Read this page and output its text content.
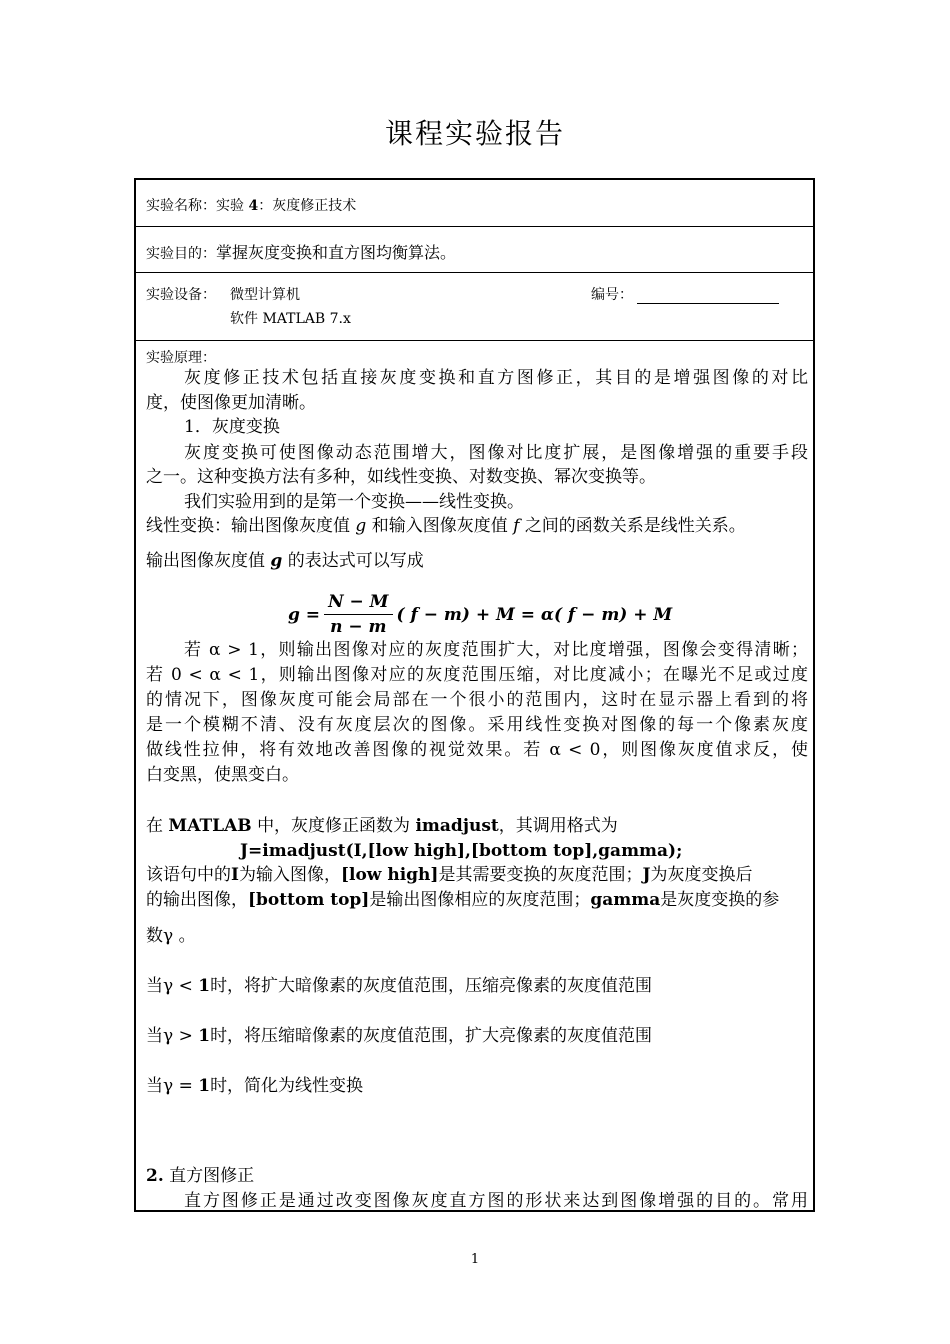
课程实验报告
实验名称：实验 4：灰度修正技术
实验目的：掌握灰度变换和直方图均衡算法。
实验设备： 微型计算机
软件 MATLAB 7.x
编号：
实验原理：
灰度修正技术包括直接灰度变换和直方图修正，其目的是增强图像的对比
度，使图像更加清晰。
1．灰度变换
灰度变换可使图像动态范围增大，图像对比度扩展，是图像增强的重要手段
之一。这种变换方法有多种，如线性变换、对数变换、幂次变换等。
我们实验用到的是第一个变换——线性变换。
线性变换：输出图像灰度值 g 和输入图像灰度值 f 之间的函数关系是线性关系。
输出图像灰度值 g 的表达式可以写成
$g = \frac{N - M}{n - m}$ ( f − m) + M = α( f − m) + M
若 α > 1，则输出图像对应的灰度范围扩大，对比度增强，图像会变得清晰；
若 0 < α < 1，则输出图像对应的灰度范围压缩，对比度减小；在曝光不足或过度
的情况下，图像灰度可能会局部在一个很小的范围内，这时在显示器上看到的将
是一个模糊不清、没有灰度层次的图像。采用线性变换对图像的每一个像素灰度
做线性拉伸，将有效地改善图像的视觉效果。若 α < 0，则图像灰度值求反，使
白变黑，使黑变白。
在 MATLAB 中，灰度修正函数为 imadjust，其调用格式为
J=imadjust(I,[low high],[bottom top],gamma);
该语句中的I为输入图像，[low high]是其需要变换的灰度范围；J为灰度变换后
的输出图像，[bottom top]是输出图像相应的灰度范围；gamma是灰度变换的参
数γ 。
当γ < 1时，将扩大暗像素的灰度值范围，压缩亮像素的灰度值范围
当γ > 1时，将压缩暗像素的灰度值范围，扩大亮像素的灰度值范围
当γ = 1时，简化为线性变换
2. 直方图修正
直方图修正是通过改变图像灰度直方图的形状来达到图像增强的目的。常用
1
